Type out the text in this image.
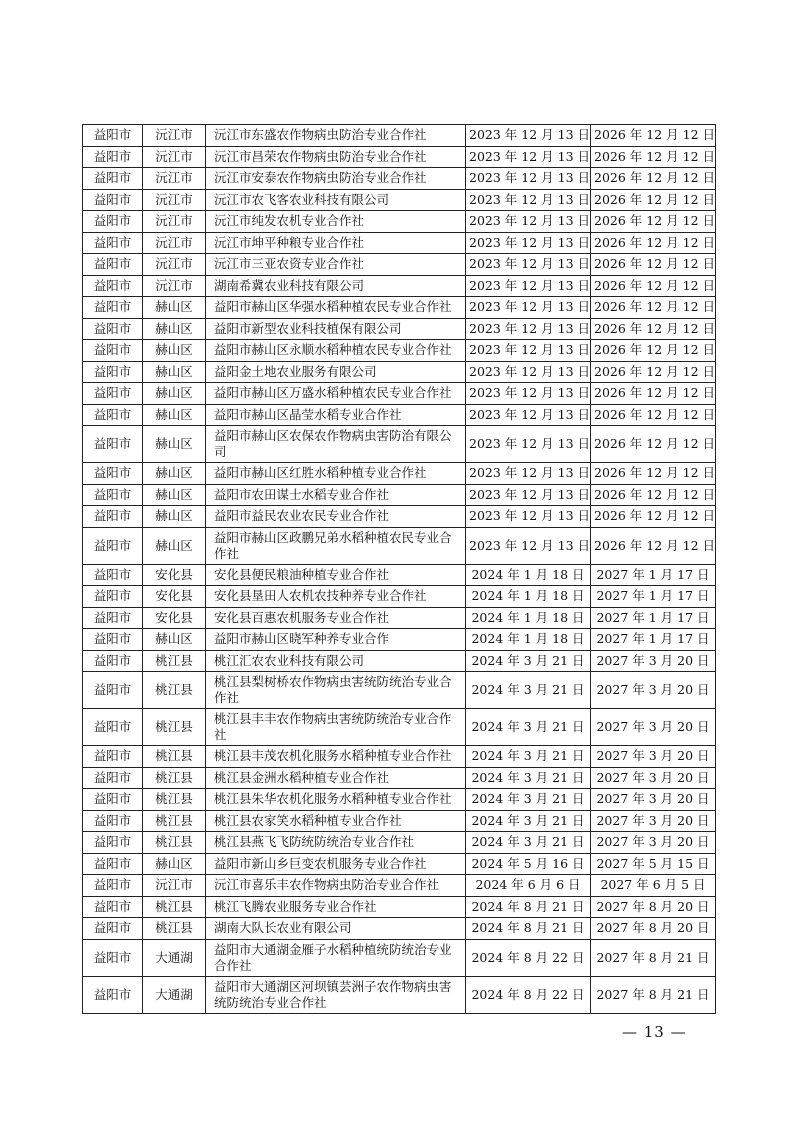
益阳市	沅江市	沅江市东盛农作物病虫防治专业合作社	2023 年 12 月 13 日	2026 年 12 月 12 日
益阳市	沅江市	沅江市昌荣农作物病虫防治专业合作社	2023 年 12 月 13 日	2026 年 12 月 12 日
益阳市	沅江市	沅江市安泰农作物病虫防治专业合作社	2023 年 12 月 13 日	2026 年 12 月 12 日
益阳市	沅江市	沅江市农飞客农业科技有限公司	2023 年 12 月 13 日	2026 年 12 月 12 日
益阳市	沅江市	沅江市纯发农机专业合作社	2023 年 12 月 13 日	2026 年 12 月 12 日
益阳市	沅江市	沅江市坤平种粮专业合作社	2023 年 12 月 13 日	2026 年 12 月 12 日
益阳市	沅江市	沅江市三亚农资专业合作社	2023 年 12 月 13 日	2026 年 12 月 12 日
益阳市	沅江市	湖南希冀农业科技有限公司	2023 年 12 月 13 日	2026 年 12 月 12 日
益阳市	赫山区	益阳市赫山区华强水稻种植农民专业合作社	2023 年 12 月 13 日	2026 年 12 月 12 日
益阳市	赫山区	益阳市新型农业科技植保有限公司	2023 年 12 月 13 日	2026 年 12 月 12 日
益阳市	赫山区	益阳市赫山区永顺水稻种植农民专业合作社	2023 年 12 月 13 日	2026 年 12 月 12 日
益阳市	赫山区	益阳金土地农业服务有限公司	2023 年 12 月 13 日	2026 年 12 月 12 日
益阳市	赫山区	益阳市赫山区万盛水稻种植农民专业合作社	2023 年 12 月 13 日	2026 年 12 月 12 日
益阳市	赫山区	益阳市赫山区晶莹水稻专业合作社	2023 年 12 月 13 日	2026 年 12 月 12 日
益阳市	赫山区	益阳市赫山区农保农作物病虫害防治有限公司	2023 年 12 月 13 日	2026 年 12 月 12 日
益阳市	赫山区	益阳市赫山区红胜水稻种植专业合作社	2023 年 12 月 13 日	2026 年 12 月 12 日
益阳市	赫山区	益阳市农田谋士水稻专业合作社	2023 年 12 月 13 日	2026 年 12 月 12 日
益阳市	赫山区	益阳市益民农业农民专业合作社	2023 年 12 月 13 日	2026 年 12 月 12 日
益阳市	赫山区	益阳市赫山区政鹏兄弟水稻种植农民专业合作社	2023 年 12 月 13 日	2026 年 12 月 12 日
益阳市	安化县	安化县便民粮油种植专业合作社	2024 年 1 月 18 日	2027 年 1 月 17 日
益阳市	安化县	安化县垦田人农机农技种养专业合作社	2024 年 1 月 18 日	2027 年 1 月 17 日
益阳市	安化县	安化县百惠农机服务专业合作社	2024 年 1 月 18 日	2027 年 1 月 17 日
益阳市	赫山区	益阳市赫山区晓军种养专业合作	2024 年 1 月 18 日	2027 年 1 月 17 日
益阳市	桃江县	桃江汇农农业科技有限公司	2024 年 3 月 21 日	2027 年 3 月 20 日
益阳市	桃江县	桃江县梨树桥农作物病虫害统防统治专业合作社	2024 年 3 月 21 日	2027 年 3 月 20 日
益阳市	桃江县	桃江县丰丰农作物病虫害统防统治专业合作社	2024 年 3 月 21 日	2027 年 3 月 20 日
益阳市	桃江县	桃江县丰茂农机化服务水稻种植专业合作社	2024 年 3 月 21 日	2027 年 3 月 20 日
益阳市	桃江县	桃江县金洲水稻种植专业合作社	2024 年 3 月 21 日	2027 年 3 月 20 日
益阳市	桃江县	桃江县朱华农机化服务水稻种植专业合作社	2024 年 3 月 21 日	2027 年 3 月 20 日
益阳市	桃江县	桃江县农家笑水稻种植专业合作社	2024 年 3 月 21 日	2027 年 3 月 20 日
益阳市	桃江县	桃江县燕飞飞防统防统治专业合作社	2024 年 3 月 21 日	2027 年 3 月 20 日
益阳市	赫山区	益阳市新山乡巨变农机服务专业合作社	2024 年 5 月 16 日	2027 年 5 月 15 日
益阳市	沅江市	沅江市喜乐丰农作物病虫防治专业合作社	2024 年 6 月 6 日	2027 年 6 月 5 日
益阳市	桃江县	桃江飞腾农业服务专业合作社	2024 年 8 月 21 日	2027 年 8 月 20 日
益阳市	桃江县	湖南大队长农业有限公司	2024 年 8 月 21 日	2027 年 8 月 20 日
益阳市	大通湖	益阳市大通湖金雁子水稻种植统防统治专业合作社	2024 年 8 月 22 日	2027 年 8 月 21 日
益阳市	大通湖	益阳市大通湖区河坝镇芸洲子农作物病虫害统防统治专业合作社	2024 年 8 月 22 日	2027 年 8 月 21 日
— 13 —
